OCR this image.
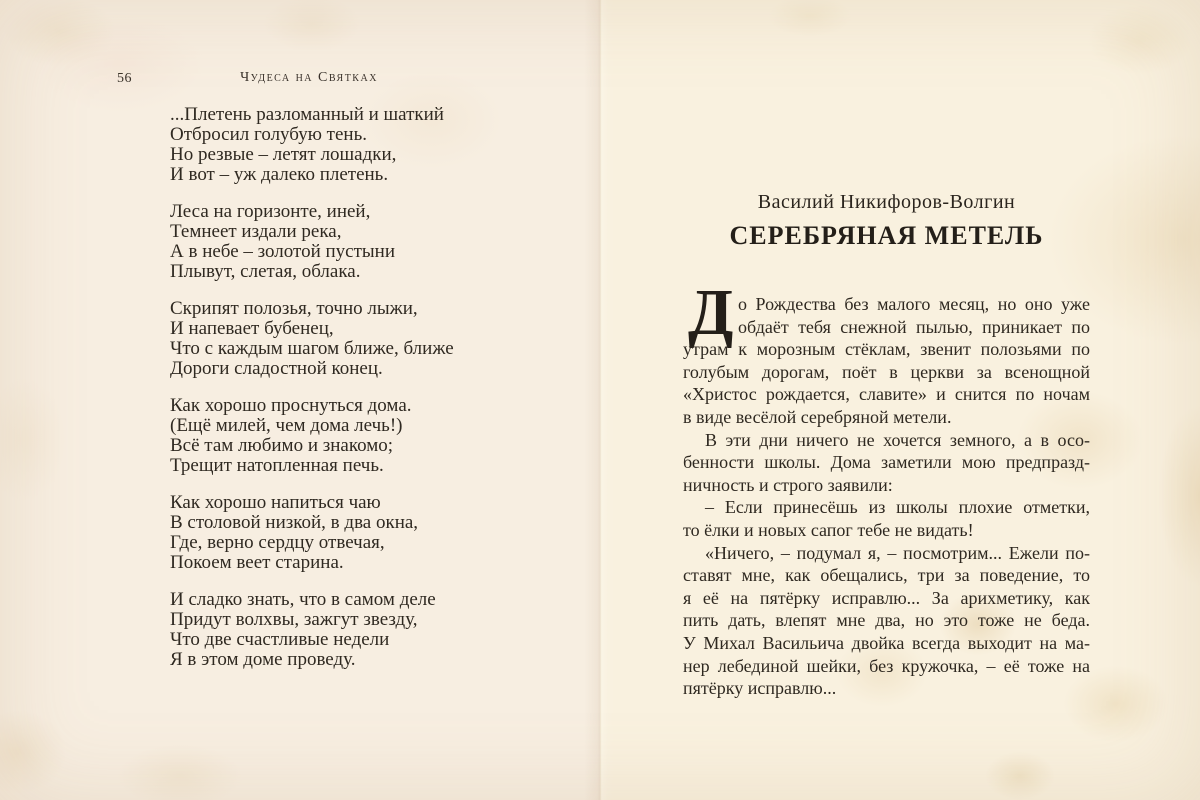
56	Чудеса на Святках
...Плетень разломанный и шаткий
Отбросил голубую тень.
Но резвые – летят лошадки,
И вот – уж далеко плетень.
Леса на горизонте, иней,
Темнеет издали река,
А в небе – золотой пустыни
Плывут, слетая, облака.
Скрипят полозья, точно лыжи,
И напевает бубенец,
Что с каждым шагом ближе, ближе
Дороги сладостной конец.
Как хорошо проснуться дома.
(Ещё милей, чем дома лечь!)
Всё там любимо и знакомо;
Трещит натопленная печь.
Как хорошо напиться чаю
В столовой низкой, в два окна,
Где, верно сердцу отвечая,
Покоем веет старина.
И сладко знать, что в самом деле
Придут волхвы, зажгут звезду,
Что две счастливые недели
Я в этом доме проведу.
Василий Никифоров-Волгин
СЕРЕБРЯНАЯ МЕТЕЛЬ
Д о Рождества без малого месяц, но оно уже
обдаёт тебя снежной пылью, приникает по
утрам к морозным стёклам, звенит полозьями по
голубым дорогам, поёт в церкви за всенощной
«Христос рождается, славите» и снится по ночам
в виде весёлой серебряной метели.
В эти дни ничего не хочется земного, а в осо-
бенности школы. Дома заметили мою предпразд-
ничность и строго заявили:
– Если принесёшь из школы плохие отметки,
то ёлки и новых сапог тебе не видать!
«Ничего, – подумал я, – посмотрим... Ежели по-
ставят мне, как обещались, три за поведение, то
я её на пятёрку исправлю... За арихметику, как
пить дать, влепят мне два, но это тоже не беда.
У Михал Васильича двойка всегда выходит на ма-
нер лебединой шейки, без кружочка, – её тоже на
пятёрку исправлю...
